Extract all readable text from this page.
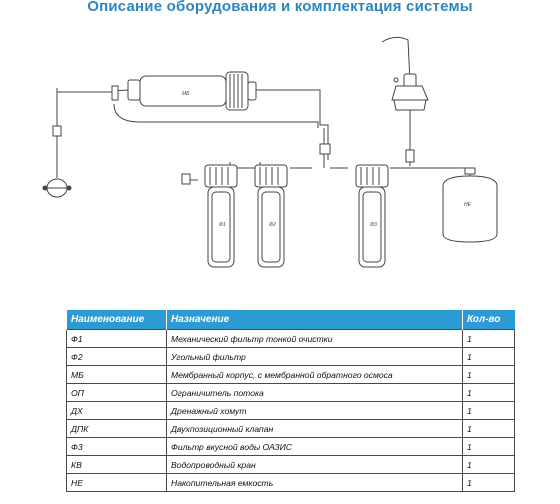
Описание оборудования и комплектация системы
МБ
Ф1	Ф2	Ф3
НЕ
Наименование	Назначение	Кол-во
Ф1	Механический фильтр тонкой очистки	1
Ф2	Угольный фильтр	1
МБ	Мембранный корпус, с мембранной обратного осмоса	1
ОП	Ограничитель потока	1
ДХ	Дренажный хомут	1
ДПК	Двухпозиционный клапан	1
Ф3	Фильтр вкусной воды ОАЗИС	1
КВ	Водопроводный кран	1
НЕ	Накопительная емкость	1
